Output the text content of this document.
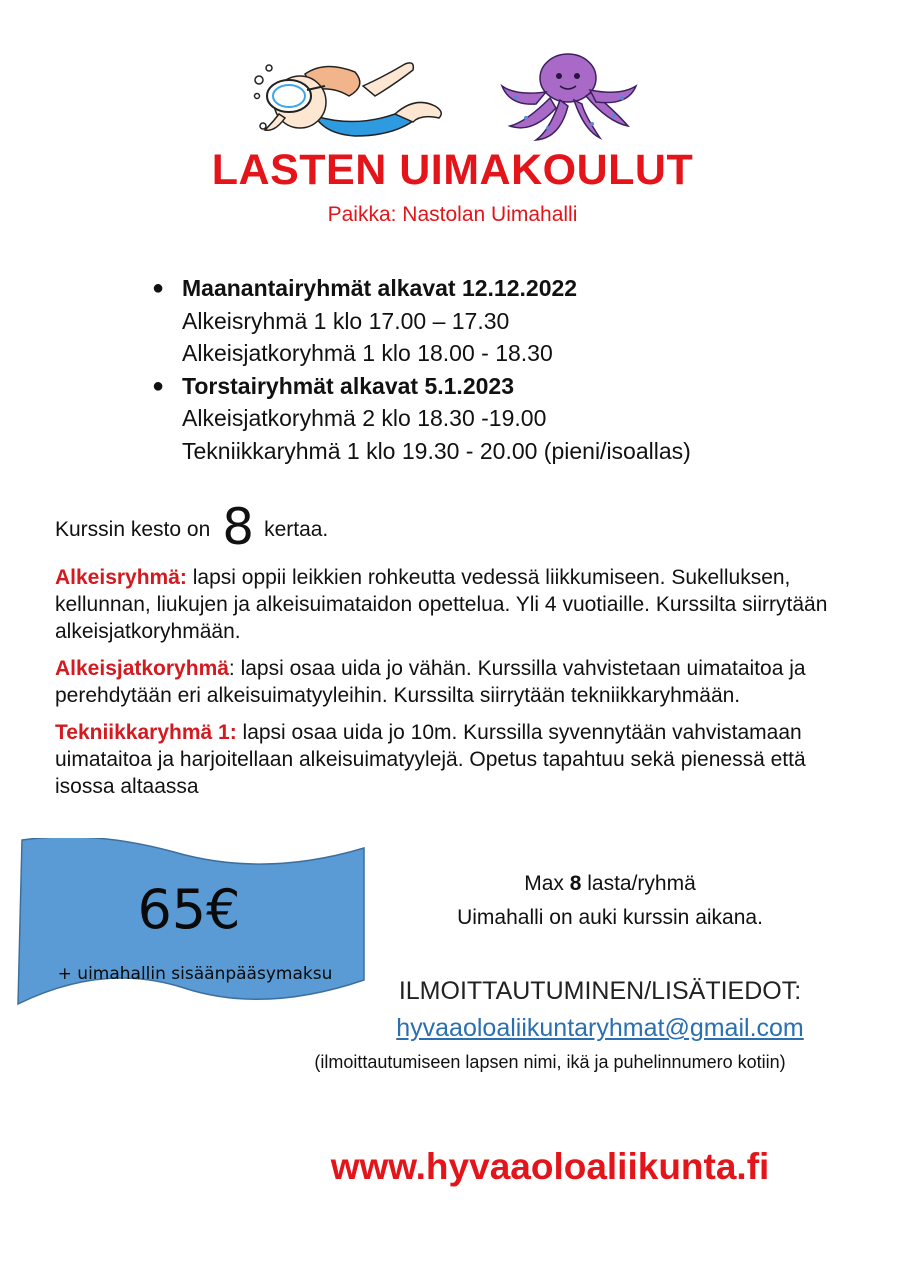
LASTEN UIMAKOULUT
Paikka: Nastolan Uimahalli
● Maanantairyhmät alkavat 12.12.2022
Alkeisryhmä 1 klo 17.00 – 17.30
Alkeisjatkoryhmä 1 klo 18.00 - 18.30
● Torstairyhmät alkavat 5.1.2023
Alkeisjatkoryhmä 2 klo 18.30 -19.00
Tekniikkaryhmä 1 klo 19.30 - 20.00 (pieni/isoallas)
Kurssin kesto on 8 kertaa.

Alkeisryhmä: lapsi oppii leikkien rohkeutta vedessä liikkumiseen. Sukelluksen, kellunnan, liukujen ja alkeisuimataidon opettelua. Yli 4 vuotiaille. Kurssilta siirrytään alkeisjatkoryhmään.

Alkeisjatkoryhmä: lapsi osaa uida jo vähän. Kurssilla vahvistetaan uimataitoa ja perehdytään eri alkeisuimatyyleihin. Kurssilta siirrytään tekniikkaryhmään.

Tekniikkaryhmä 1: lapsi osaa uida jo 10m. Kurssilla syvennytään vahvistamaan uimataitoa ja harjoitellaan alkeisuimatyylejä. Opetus tapahtuu sekä pienessä että isossa altaassa

65€
+ uimahallin sisäänpääsymaksu
Max 8 lasta/ryhmä
Uimahalli on auki kurssin aikana.
ILMOITTAUTUMINEN/LISÄTIEDOT:
hyvaaoloaliikuntaryhmat@gmail.com
(ilmoittautumiseen lapsen nimi, ikä ja puhelinnumero kotiin)
www.hyvaaoloaliikunta.fi
